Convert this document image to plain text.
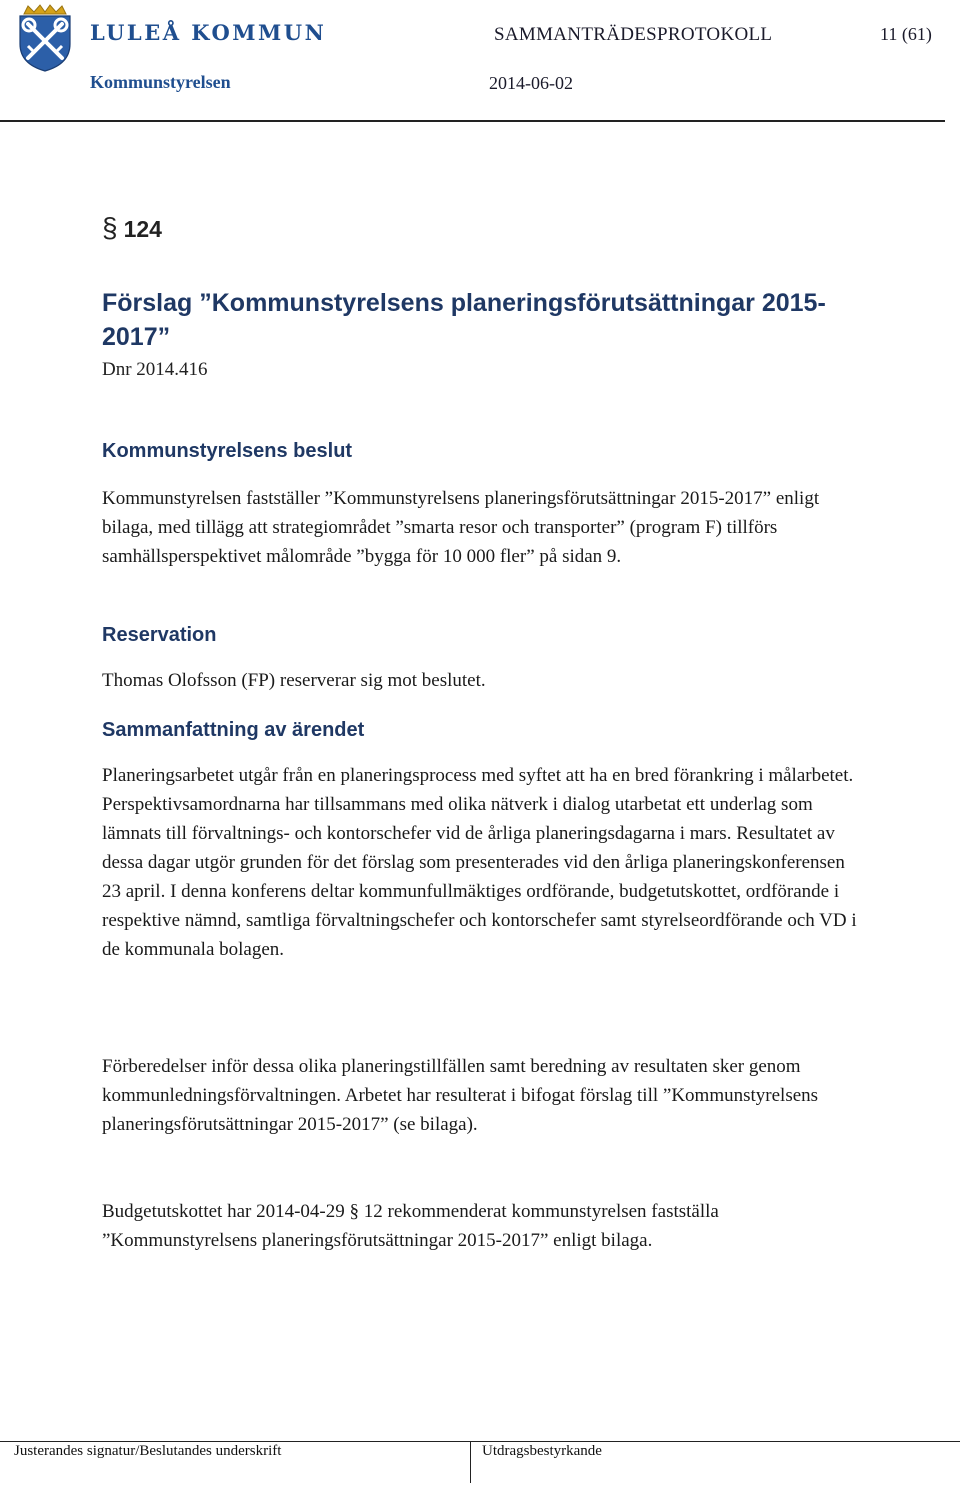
LULEÅ KOMMUN
Kommunstyrelsen
SAMMANTRÄDESPROTOKOLL	11 (61)
2014-06-02
§ 124
Förslag ”Kommunstyrelsens planeringsförutsättningar 2015-2017”
Dnr 2014.416
Kommunstyrelsens beslut
Kommunstyrelsen fastställer ”Kommunstyrelsens planeringsförutsättningar 2015-2017” enligt bilaga, med tillägg att strategiområdet ”smarta resor och transporter” (program F) tillförs samhällsperspektivet målområde ”bygga för 10 000 fler” på sidan 9.
Reservation
Thomas Olofsson (FP) reserverar sig mot beslutet.
Sammanfattning av ärendet
Planeringsarbetet utgår från en planeringsprocess med syftet att ha en bred förankring i målarbetet. Perspektivsamordnarna har tillsammans med olika nätverk i dialog utarbetat ett underlag som lämnats till förvaltnings- och kontorschefer vid de årliga planeringsdagarna i mars. Resultatet av dessa dagar utgör grunden för det förslag som presenterades vid den årliga planeringskonferensen 23 april. I denna konferens deltar kommunfullmäktiges ordförande, budgetutskottet, ordförande i respektive nämnd, samtliga förvaltningschefer och kontorschefer samt styrelseordförande och VD i de kommunala bolagen.
Förberedelser inför dessa olika planeringstillfällen samt beredning av resultaten sker genom kommunledningsförvaltningen. Arbetet har resulterat i bifogat förslag till ”Kommunstyrelsens planeringsförutsättningar 2015-2017” (se bilaga).
Budgetutskottet har 2014-04-29 § 12 rekommenderat kommunstyrelsen fastställa ”Kommunstyrelsens planeringsförutsättningar 2015-2017” enligt bilaga.
Justerandes signatur/Beslutandes underskrift	Utdragsbestyrkande
